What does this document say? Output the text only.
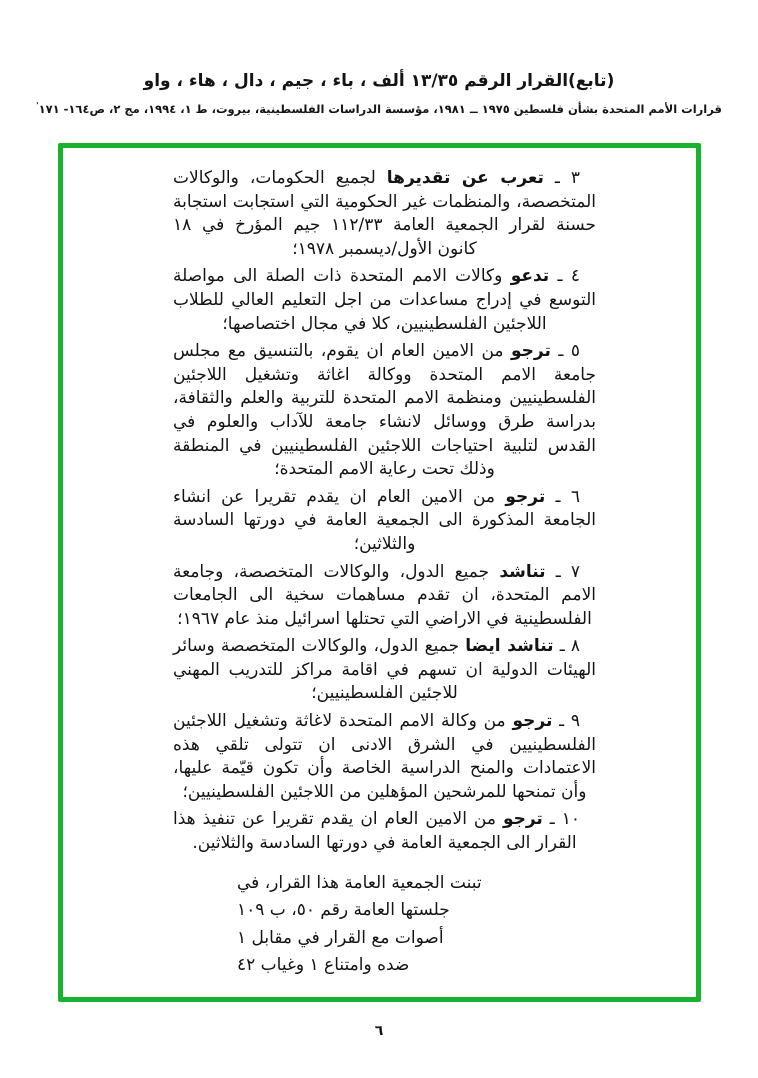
(تابع)القرار الرقم ١٣/٣٥ ألف ، باء ، جيم ، دال ، هاء ، واو
قرارات الأمم المتحدة بشأن فلسطين ١٩٧٥ ــ ١٩٨١، مؤسسة الدراسات الفلسطينية، بيروت، ط ١، ١٩٩٤، مج ٢، ص١٦٤- ١٧١'

٣ ـ تعرب عن تقديرها لجميع الحكومات، والوكالات المتخصصة، والمنظمات غير الحكومية التي استجابت استجابة حسنة لقرار الجمعية العامة ١١٢/٣٣ جيم المؤرخ في ١٨ كانون الأول/ديسمبر ١٩٧٨؛

٤ ـ تدعو وكالات الامم المتحدة ذات الصلة الى مواصلة التوسع في إدراج مساعدات من اجل التعليم العالي للطلاب اللاجئين الفلسطينيين، كلا في مجال اختصاصها؛

٥ ـ ترجو من الامين العام ان يقوم، بالتنسيق مع مجلس جامعة الامم المتحدة ووكالة اغاثة وتشغيل اللاجئين الفلسطينيين ومنظمة الامم المتحدة للتربية والعلم والثقافة، بدراسة طرق ووسائل لانشاء جامعة للآداب والعلوم في القدس لتلبية احتياجات اللاجئين الفلسطينيين في المنطقة وذلك تحت رعاية الامم المتحدة؛

٦ ـ ترجو من الامين العام ان يقدم تقريرا عن انشاء الجامعة المذكورة الى الجمعية العامة في دورتها السادسة والثلاثين؛

٧ ـ تناشد جميع الدول، والوكالات المتخصصة، وجامعة الامم المتحدة، ان تقدم مساهمات سخية الى الجامعات الفلسطينية في الاراضي التي تحتلها اسرائيل منذ عام ١٩٦٧؛

٨ ـ تناشد ايضا جميع الدول، والوكالات المتخصصة وسائر الهيئات الدولية ان تسهم في اقامة مراكز للتدريب المهني للاجئين الفلسطينيين؛

٩ ـ ترجو من وكالة الامم المتحدة لاغاثة وتشغيل اللاجئين الفلسطينيين في الشرق الادنى ان تتولى تلقي هذه الاعتمادات والمنح الدراسية الخاصة وأن تكون قيّمة عليها، وأن تمنحها للمرشحين المؤهلين من اللاجئين الفلسطينيين؛

١٠ ـ ترجو من الامين العام ان يقدم تقريرا عن تنفيذ هذا القرار الى الجمعية العامة في دورتها السادسة والثلاثين.

تبنت الجمعية العامة هذا القرار، في
جلستها العامة رقم ٥٠، ب ١٠٩
أصوات مع القرار في مقابل ١
ضده وامتناع ١ وغياب ٤٢
٦
